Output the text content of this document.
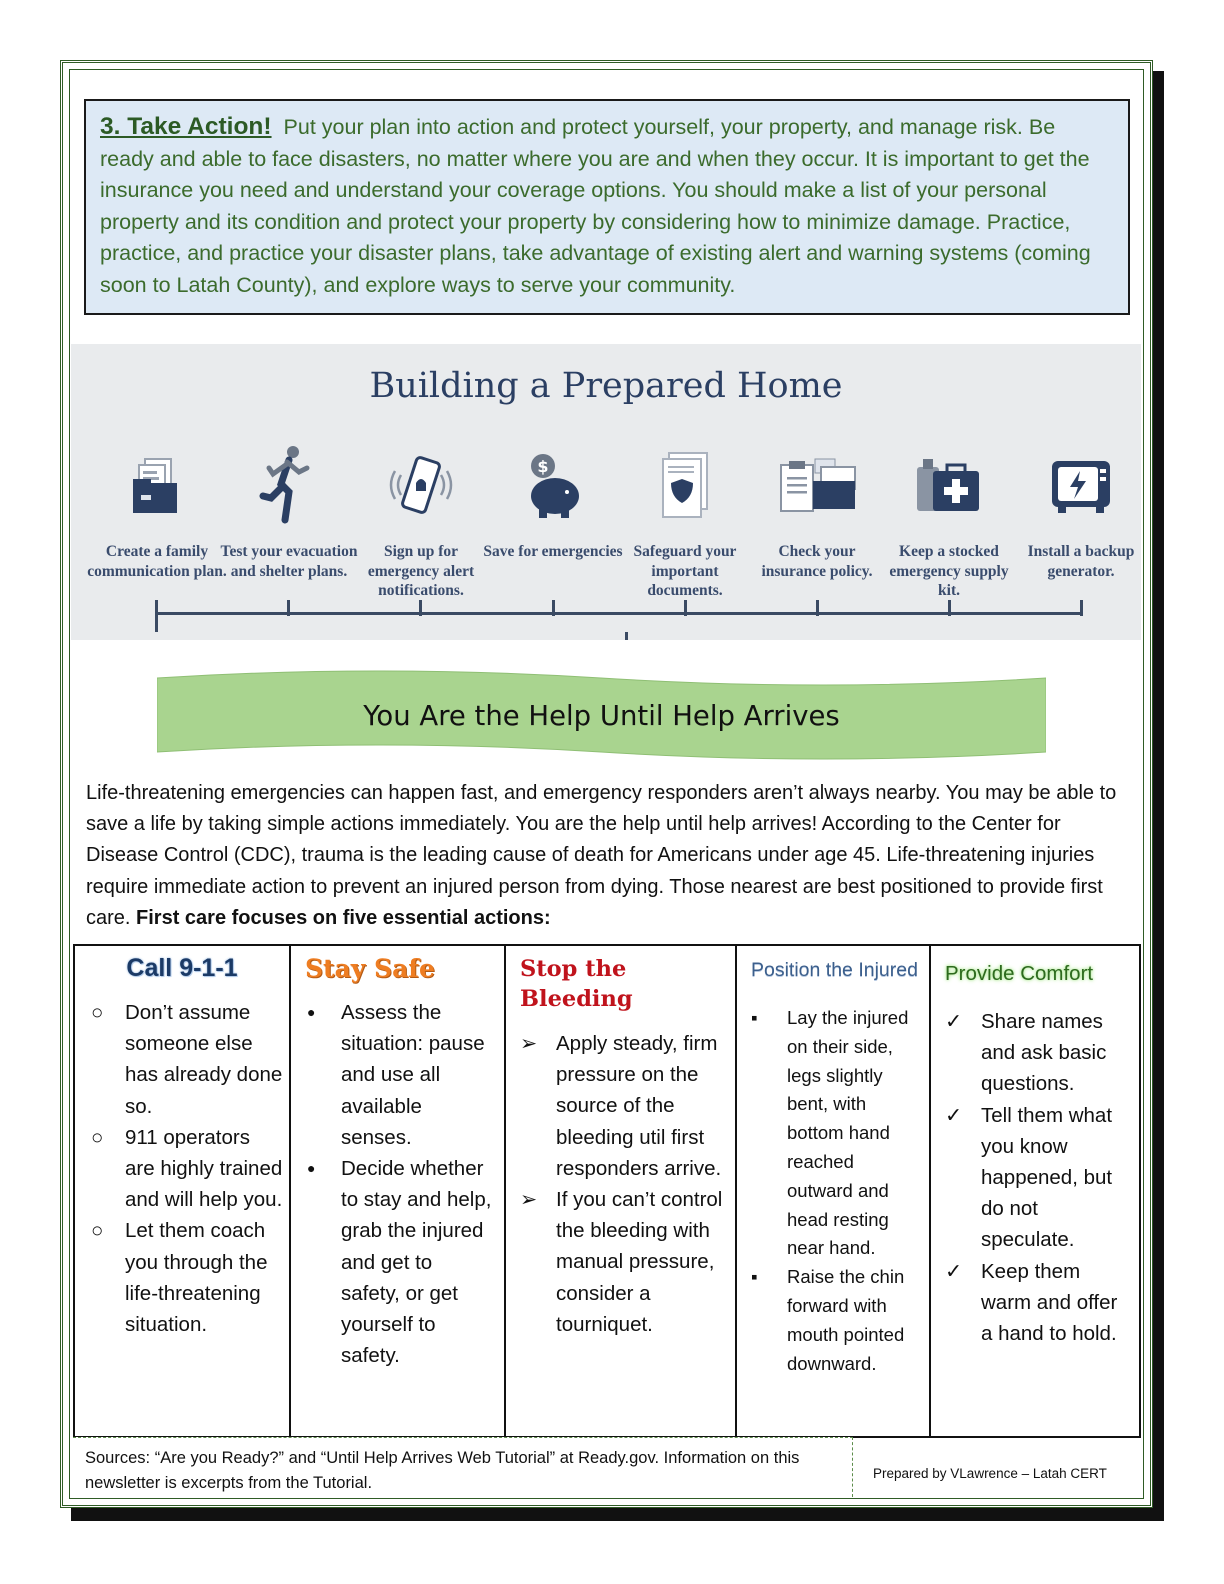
3. Take Action! Put your plan into action and protect yourself, your property, and manage risk. Be ready and able to face disasters, no matter where you are and when they occur. It is important to get the insurance you need and understand your coverage options. You should make a list of your personal property and its condition and protect your property by considering how to minimize damage. Practice, practice, and practice your disaster plans, take advantage of existing alert and warning systems (coming soon to Latah County), and explore ways to serve your community.

Building a Prepared Home
Create a family communication plan.
Test your evacuation and shelter plans.
Sign up for emergency alert notifications.
$
Save for emergencies Safeguard your important documents.
Check your insurance policy.
Keep a stocked emergency supply kit.
Install a backup generator.
You Are the Help Until Help Arrives
Life-threatening emergencies can happen fast, and emergency responders aren’t always nearby. You may be able to save a life by taking simple actions immediately. You are the help until help arrives! According to the Center for Disease Control (CDC), trauma is the leading cause of death for Americans under age 45. Life-threatening injuries require immediate action to prevent an injured person from dying. Those nearest are best positioned to provide first care. First care focuses on five essential actions:
Call 9-1-1
○ Don’t assume someone else has already done so.
○ 911 operators are highly trained and will help you.
○ Let them coach you through the life-threatening situation.
Stay Safe
● Assess the situation: pause and use all available senses.
● Decide whether to stay and help, grab the injured and get to safety, or get yourself to safety.
Stop the Bleeding
➢ Apply steady, firm pressure on the source of the bleeding util first responders arrive.
➢ If you can’t control the bleeding with manual pressure, consider a tourniquet.
Position the Injured
▪ Lay the injured on their side, legs slightly bent, with bottom hand reached outward and head resting near hand.
▪ Raise the chin forward with mouth pointed downward.
Provide Comfort
✓ Share names and ask basic questions.
✓ Tell them what you know happened, but do not speculate.
✓ Keep them warm and offer a hand to hold.
Sources: “Are you Ready?” and “Until Help Arrives Web Tutorial” at Ready.gov. Information on this newsletter is excerpts from the Tutorial.
Prepared by VLawrence – Latah CERT
